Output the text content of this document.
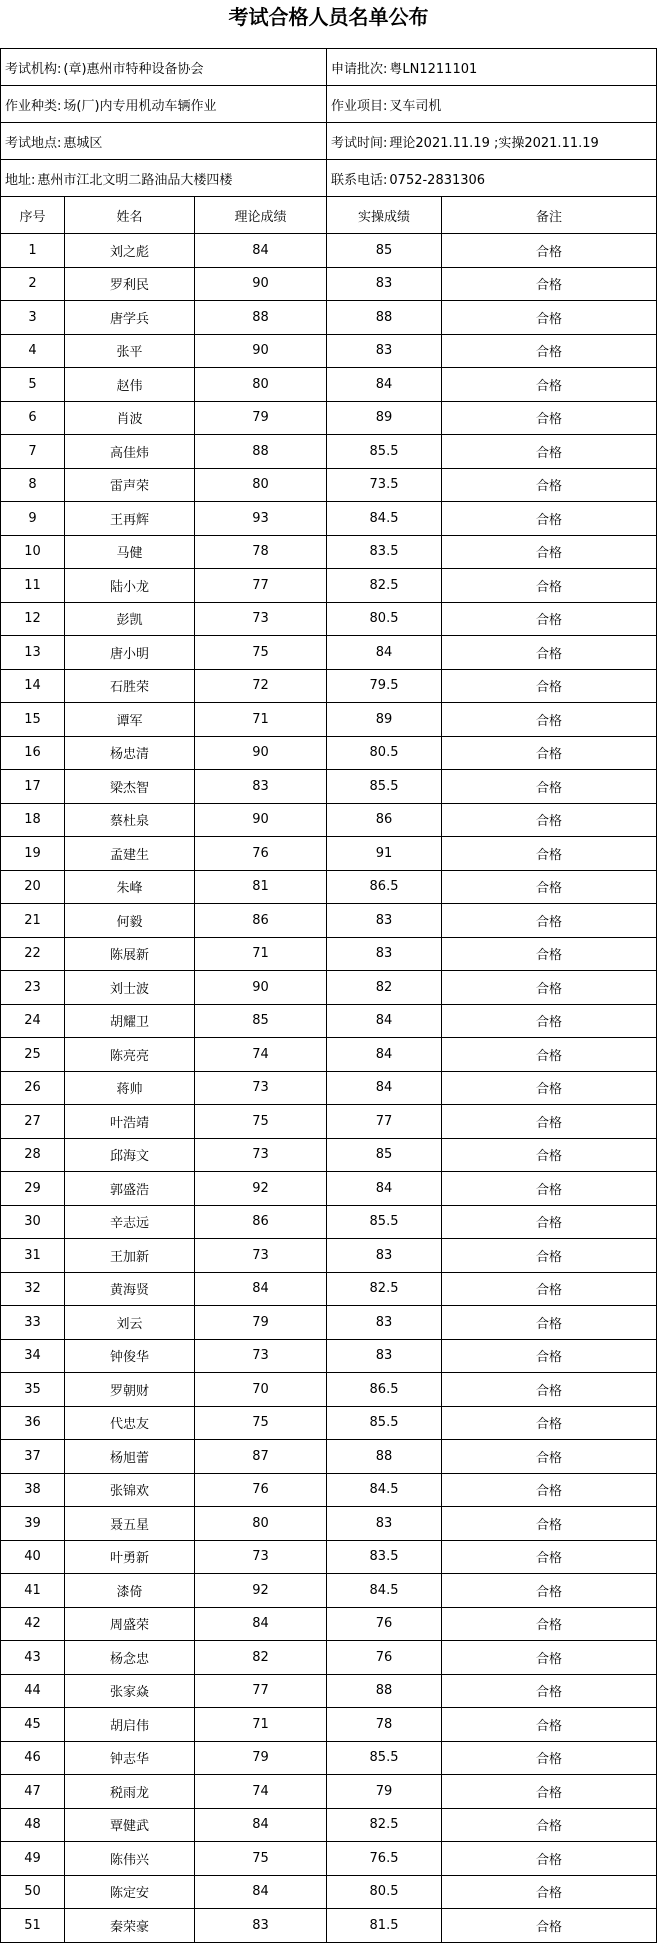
考试合格人员名单公布
考试机构: (章)惠州市特种设备协会			申请批次: 粤LN1211101	
作业种类: 场(厂)内专用机动车辆作业			作业项目: 叉车司机	
考试地点: 惠城区			考试时间: 理论2021.11.19 ;实操2021.11.19	
地址: 惠州市江北文明二路油品大楼四楼			联系电话: 0752-2831306	
序号	姓名	理论成绩	实操成绩	备注
1	刘之彪	84	85	合格
2	罗利民	90	83	合格
3	唐学兵	88	88	合格
4	张平	90	83	合格
5	赵伟	80	84	合格
6	肖波	79	89	合格
7	高佳炜	88	85.5	合格
8	雷声荣	80	73.5	合格
9	王再辉	93	84.5	合格
10	马健	78	83.5	合格
11	陆小龙	77	82.5	合格
12	彭凯	73	80.5	合格
13	唐小明	75	84	合格
14	石胜荣	72	79.5	合格
15	谭军	71	89	合格
16	杨忠清	90	80.5	合格
17	梁杰智	83	85.5	合格
18	蔡杜泉	90	86	合格
19	孟建生	76	91	合格
20	朱峰	81	86.5	合格
21	何毅	86	83	合格
22	陈展新	71	83	合格
23	刘士波	90	82	合格
24	胡耀卫	85	84	合格
25	陈亮亮	74	84	合格
26	蒋帅	73	84	合格
27	叶浩靖	75	77	合格
28	邱海文	73	85	合格
29	郭盛浩	92	84	合格
30	辛志远	86	85.5	合格
31	王加新	73	83	合格
32	黄海贤	84	82.5	合格
33	刘云	79	83	合格
34	钟俊华	73	83	合格
35	罗朝财	70	86.5	合格
36	代忠友	75	85.5	合格
37	杨旭蕾	87	88	合格
38	张锦欢	76	84.5	合格
39	聂五星	80	83	合格
40	叶勇新	73	83.5	合格
41	漆倚	92	84.5	合格
42	周盛荣	84	76	合格
43	杨念忠	82	76	合格
44	张家焱	77	88	合格
45	胡启伟	71	78	合格
46	钟志华	79	85.5	合格
47	税雨龙	74	79	合格
48	覃健武	84	82.5	合格
49	陈伟兴	75	76.5	合格
50	陈定安	84	80.5	合格
51	秦荣豪	83	81.5	合格
